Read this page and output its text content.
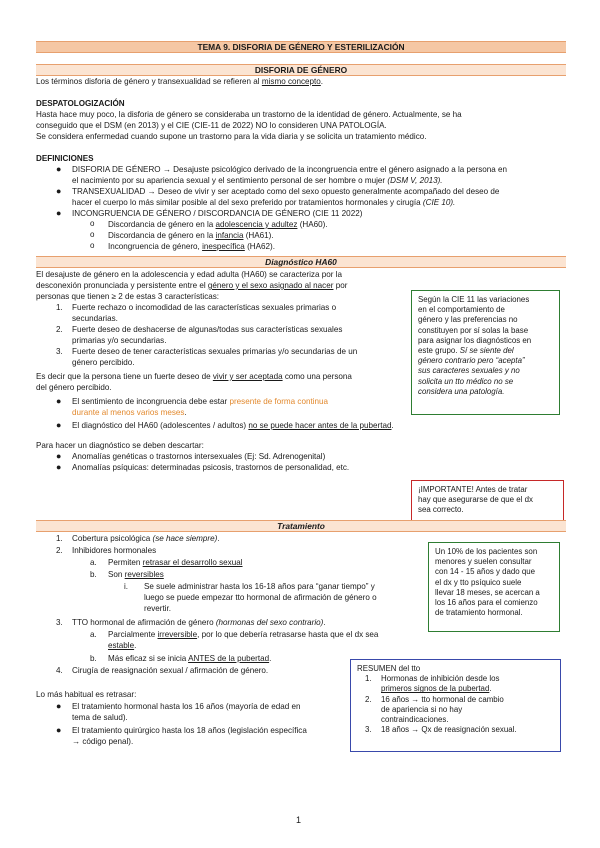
TEMA 9. DISFORIA DE GÉNERO Y ESTERILIZACIÓN
DISFORIA DE GÉNERO
Los términos disforia de género y transexualidad se refieren al mismo concepto.
DESPATOLOGIZACIÓN
Hasta hace muy poco, la disforia de género se consideraba un trastorno de la identidad de género. Actualmente, se ha
conseguido que el DSM (en 2013) y el CIE (CIE-11 de 2022) NO lo consideren UNA PATOLOGÍA.
Se considera enfermedad cuando supone un trastorno para la vida diaria y se solicita un tratamiento médico.
DEFINICIONES
● DISFORIA DE GÉNERO → Desajuste psicológico derivado de la incongruencia entre el género asignado a la persona en
el nacimiento por su apariencia sexual y el sentimiento personal de ser hombre o mujer (DSM V, 2013).
● TRANSEXUALIDAD → Deseo de vivir y ser aceptado como del sexo opuesto generalmente acompañado del deseo de
hacer el cuerpo lo más similar posible al del sexo preferido por tratamientos hormonales y cirugía (CIE 10).
● INCONGRUENCIA DE GÉNERO / DISCORDANCIA DE GÉNERO (CIE 11 2022)
o Discordancia de género en la adolescencia y adultez (HA60).
o Discordancia de género en la infancia (HA61).
o Incongruencia de género, inespecífica (HA62).
Diagnóstico HA60
El desajuste de género en la adolescencia y edad adulta (HA60) se caracteriza por la
desconexión pronunciada y persistente entre el género y el sexo asignado al nacer por
personas que tienen ≥ 2 de estas 3 características:
1. Fuerte rechazo o incomodidad de las características sexuales primarias o
secundarias.
2. Fuerte deseo de deshacerse de algunas/todas sus características sexuales
primarias y/o secundarias.
3. Fuerte deseo de tener características sexuales primarias y/o secundarias de un
género percibido.
Es decir que la persona tiene un fuerte deseo de vivir y ser aceptada como una persona
del género percibido.
● El sentimiento de incongruencia debe estar presente de forma continua
durante al menos varios meses.
● El diagnóstico del HA60 (adolescentes / adultos) no se puede hacer antes de la pubertad.
Para hacer un diagnóstico se deben descartar:
● Anomalías genéticas o trastornos intersexuales (Ej: Sd. Adrenogenital)
● Anomalías psíquicas: determinadas psicosis, trastornos de personalidad, etc.
Según la CIE 11 las variaciones
en el comportamiento de
género y las preferencias no
constituyen por sí solas la base
para asignar los diagnósticos en
este grupo. Sí se siente del
género contrario pero “acepta”
sus caracteres sexuales y no
solicita un tto médico no se
considera una patología.
¡IMPORTANTE! Antes de tratar
hay que asegurarse de que el dx
sea correcto.
Tratamiento
1. Cobertura psicológica (se hace siempre).
2. Inhibidores hormonales
a. Permiten retrasar el desarrollo sexual
b. Son reversibles
i. Se suele administrar hasta los 16-18 años para “ganar tiempo” y
luego se puede empezar tto hormonal de afirmación de género o
revertir.
3. TTO hormonal de afirmación de género (hormonas del sexo contrario).
a. Parcialmente irreversible, por lo que debería retrasarse hasta que el dx sea
estable.
b. Más eficaz si se inicia ANTES de la pubertad.
4. Cirugía de reasignación sexual / afirmación de género.
Lo más habitual es retrasar:
● El tratamiento hormonal hasta los 16 años (mayoría de edad en
tema de salud).
● El tratamiento quirúrgico hasta los 18 años (legislación específica
→ código penal).
Un 10% de los pacientes son
menores y suelen consultar
con 14 - 15 años y dado que
el dx y tto psíquico suele
llevar 18 meses, se acercan a
los 16 años para el comienzo
de tratamiento hormonal.
RESUMEN del tto
1. Hormonas de inhibición desde los
primeros signos de la pubertad.
2. 16 años → tto hormonal de cambio
de apariencia si no hay
contraindicaciones.
3. 18 años → Qx de reasignación sexual.
1
